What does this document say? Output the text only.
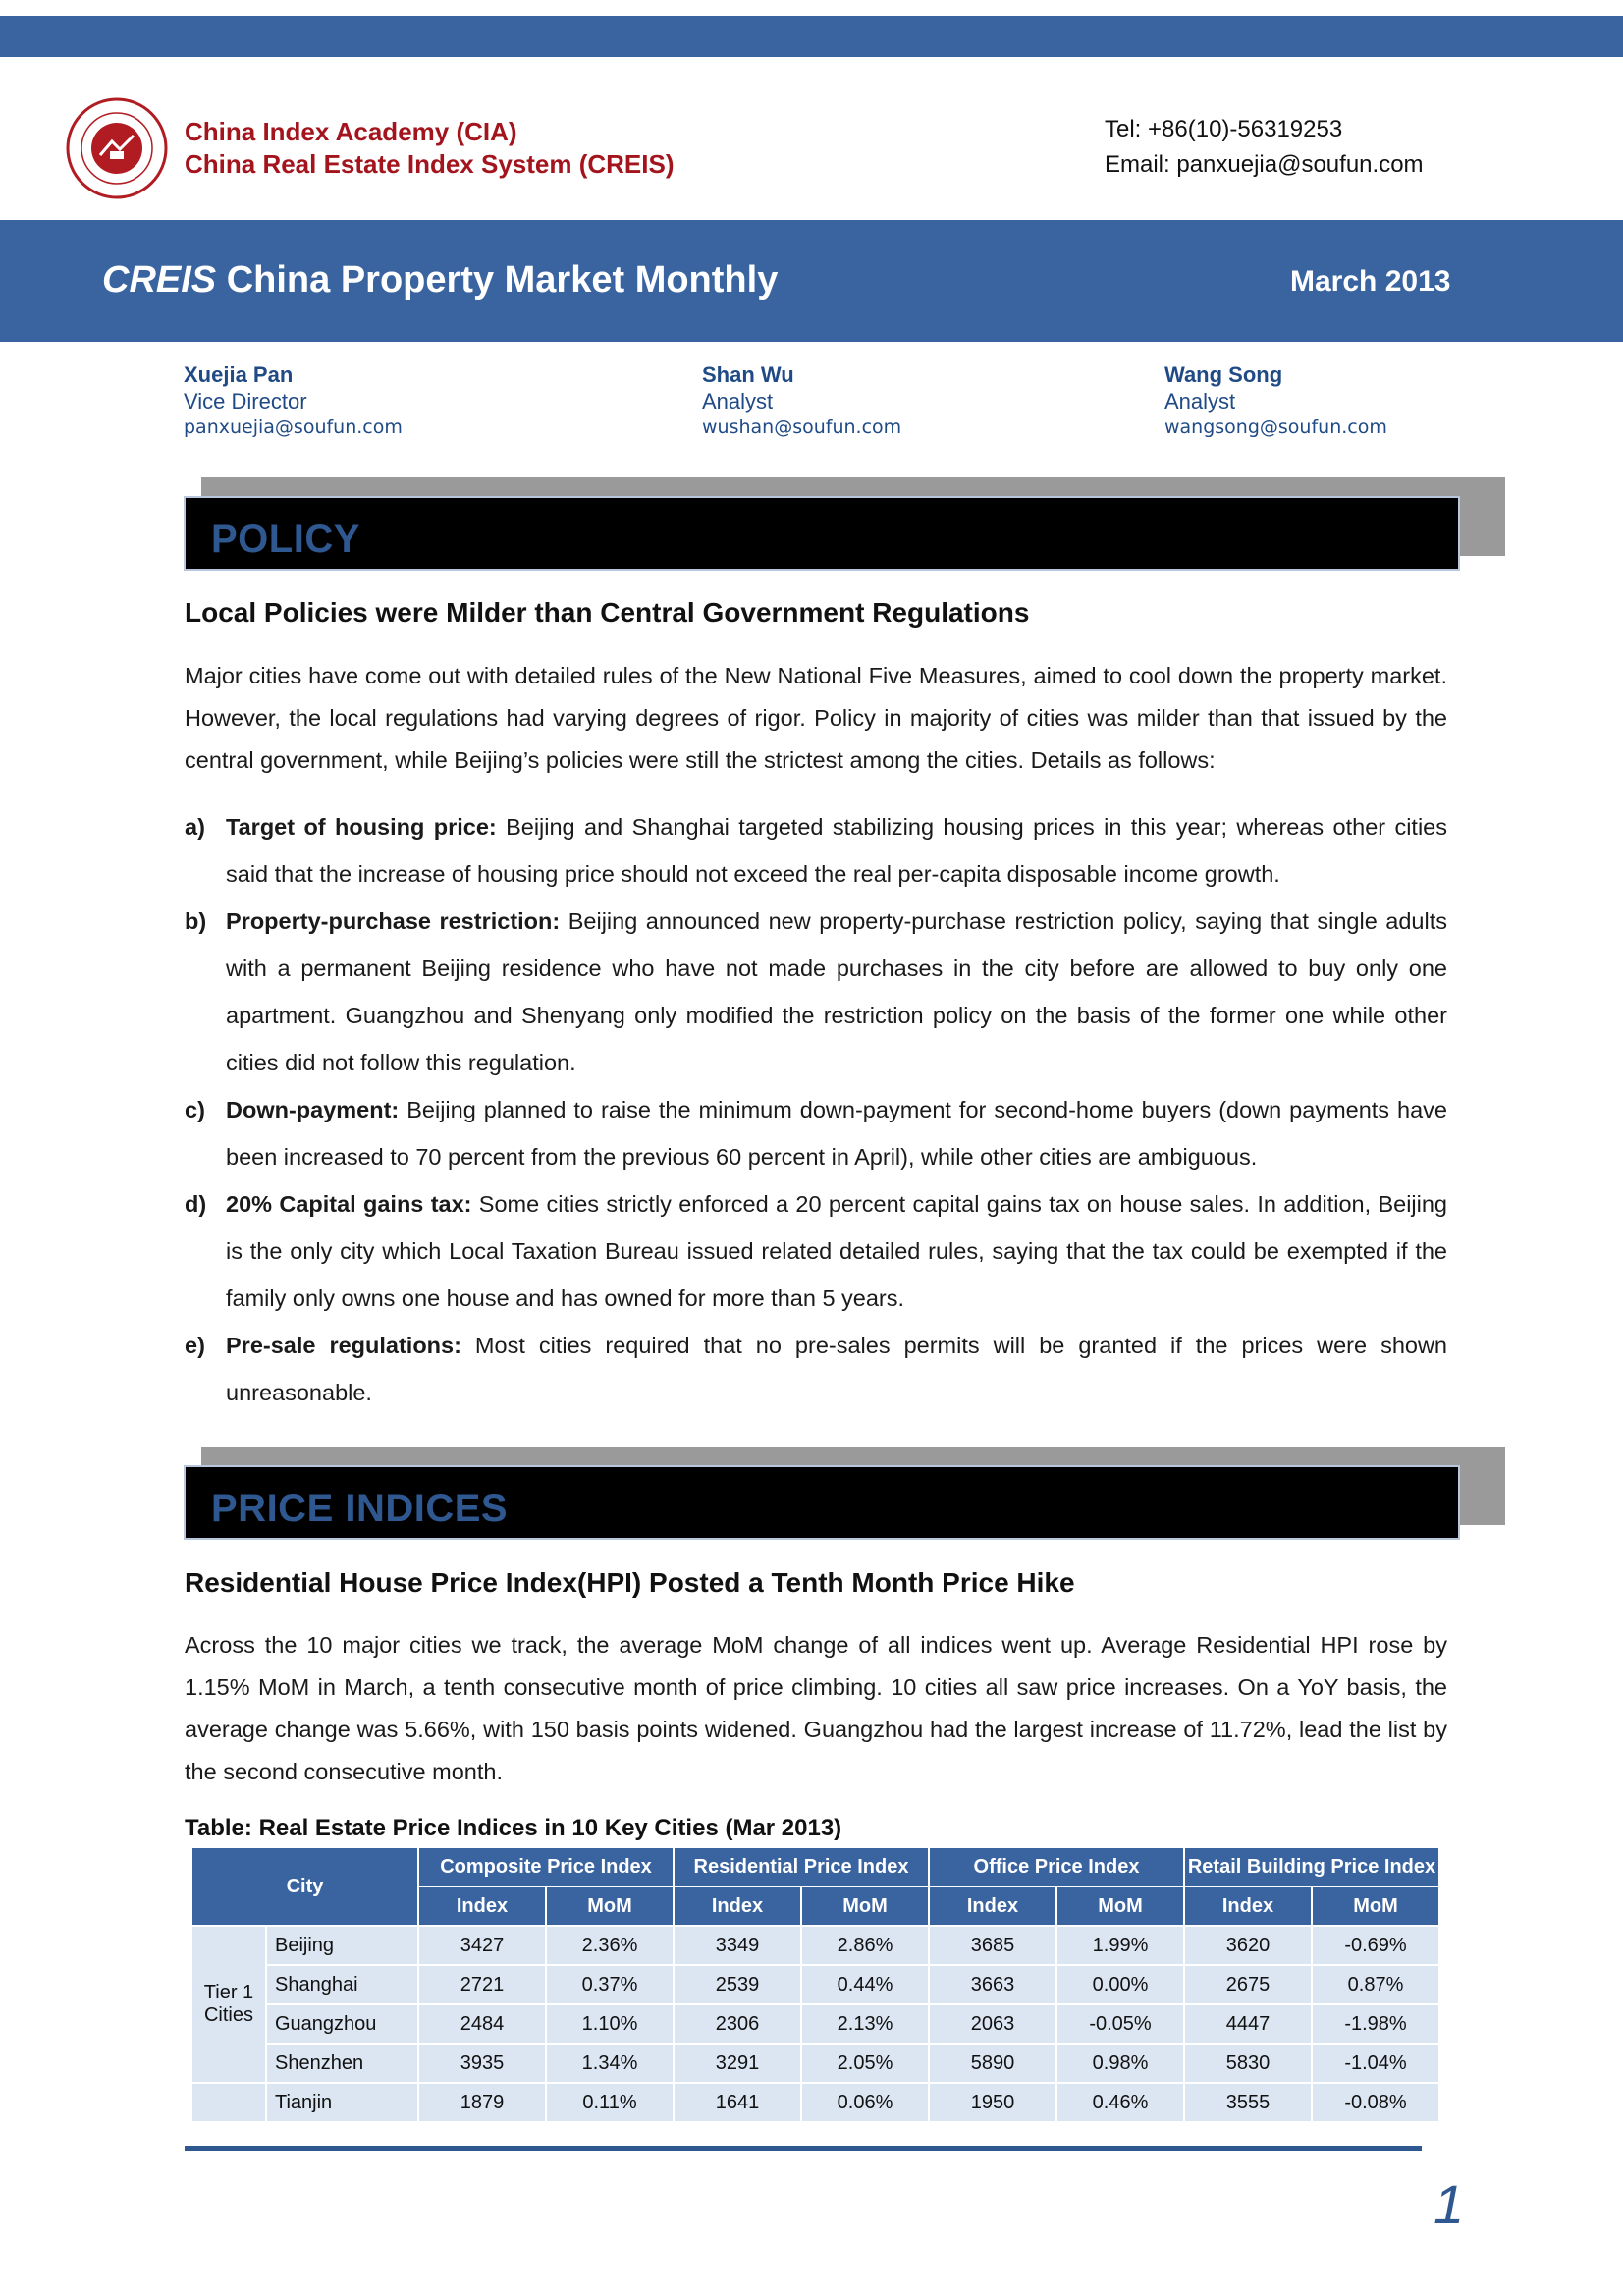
China Index Academy (CIA)
China Real Estate Index System (CREIS)
Tel: +86(10)-56319253
Email: panxuejia@soufun.com
CREIS China Property Market Monthly	March 2013
Xuejia Pan
Vice Director
panxuejia@soufun.com
Shan Wu
Analyst
wushan@soufun.com
Wang Song
Analyst
wangsong@soufun.com
POLICY
Local Policies were Milder than Central Government Regulations
Major cities have come out with detailed rules of the New National Five Measures, aimed to cool down the property market. However, the local regulations had varying degrees of rigor. Policy in majority of cities was milder than that issued by the central government, while Beijing’s policies were still the strictest among the cities. Details as follows:
a) Target of housing price: Beijing and Shanghai targeted stabilizing housing prices in this year; whereas other cities said that the increase of housing price should not exceed the real per-capita disposable income growth.
b) Property-purchase restriction: Beijing announced new property-purchase restriction policy, saying that single adults with a permanent Beijing residence who have not made purchases in the city before are allowed to buy only one apartment. Guangzhou and Shenyang only modified the restriction policy on the basis of the former one while other cities did not follow this regulation.
c) Down-payment: Beijing planned to raise the minimum down-payment for second-home buyers (down payments have been increased to 70 percent from the previous 60 percent in April), while other cities are ambiguous.
d) 20% Capital gains tax: Some cities strictly enforced a 20 percent capital gains tax on house sales. In addition, Beijing is the only city which Local Taxation Bureau issued related detailed rules, saying that the tax could be exempted if the family only owns one house and has owned for more than 5 years.
e) Pre-sale regulations: Most cities required that no pre-sales permits will be granted if the prices were shown unreasonable.
PRICE INDICES
Residential House Price Index(HPI) Posted a Tenth Month Price Hike
Across the 10 major cities we track, the average MoM change of all indices went up. Average Residential HPI rose by 1.15% MoM in March, a tenth consecutive month of price climbing. 10 cities all saw price increases. On a YoY basis, the average change was 5.66%, with 150 basis points widened. Guangzhou had the largest increase of 11.72%, lead the list by the second consecutive month.
Table: Real Estate Price Indices in 10 Key Cities (Mar 2013)
City		Composite Price Index		Residential Price Index		Office Price Index		Retail Building Price Index	
		Index	MoM	Index	MoM	Index	MoM	Index	MoM
Tier 1 Cities	Beijing	3427	2.36%	3349	2.86%	3685	1.99%	3620	-0.69%
	Shanghai	2721	0.37%	2539	0.44%	3663	0.00%	2675	0.87%
	Guangzhou	2484	1.10%	2306	2.13%	2063	-0.05%	4447	-1.98%
	Shenzhen	3935	1.34%	3291	2.05%	5890	0.98%	5830	-1.04%
	Tianjin	1879	0.11%	1641	0.06%	1950	0.46%	3555	-0.08%
1
